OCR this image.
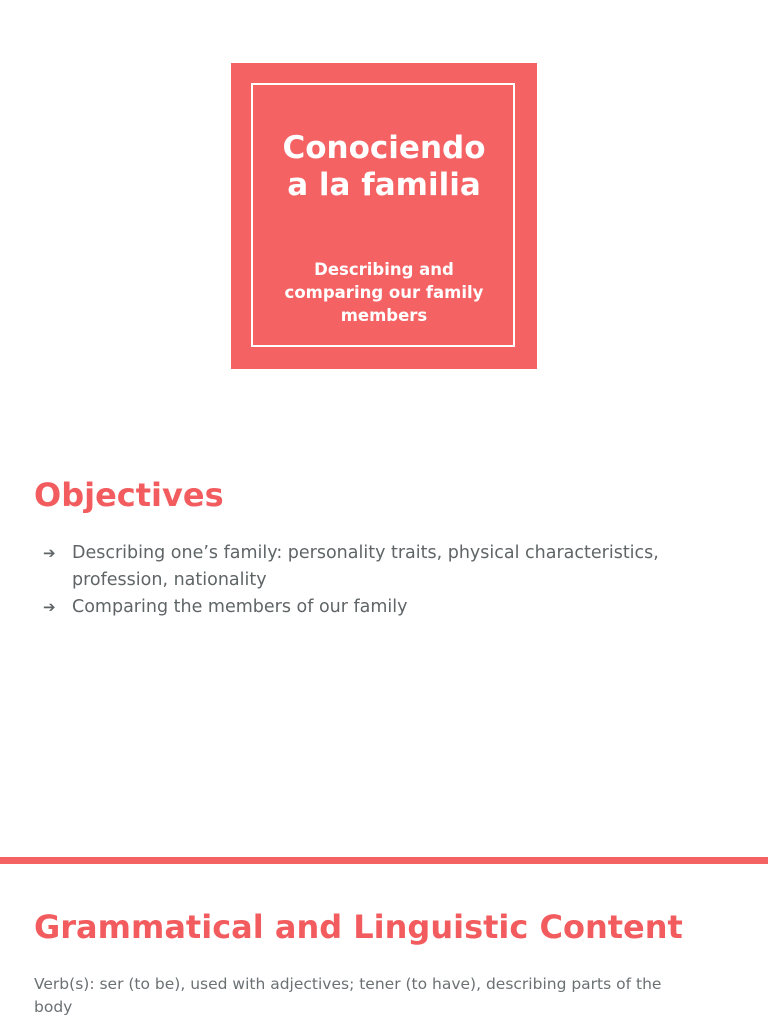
Conociendo
a la familia

Describing and
comparing our family
members

Objectives
➔ Describing one’s family: personality traits, physical characteristics,
profession, nationality
➔ Comparing the members of our family
Grammatical and Linguistic Content

Verb(s): ser (to be), used with adjectives; tener (to have), describing parts of the
body
